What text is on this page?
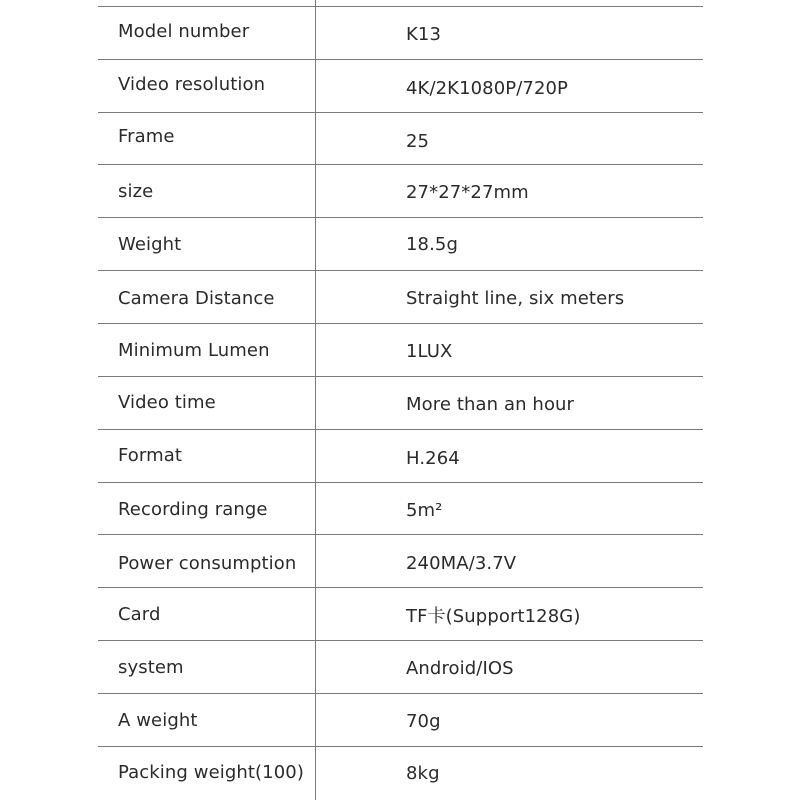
Model number	K13
Video resolution	4K/2K1080P/720P
Frame	25
size	27*27*27mm
Weight	18.5g
Camera Distance	Straight line, six meters
Minimum Lumen	1LUX
Video time	More than an hour
Format	H.264
Recording range	5m²
Power consumption	240MA/3.7V
Card	TF卡(Support128G)
system	Android/IOS
A weight	70g
Packing weight(100)	8kg
